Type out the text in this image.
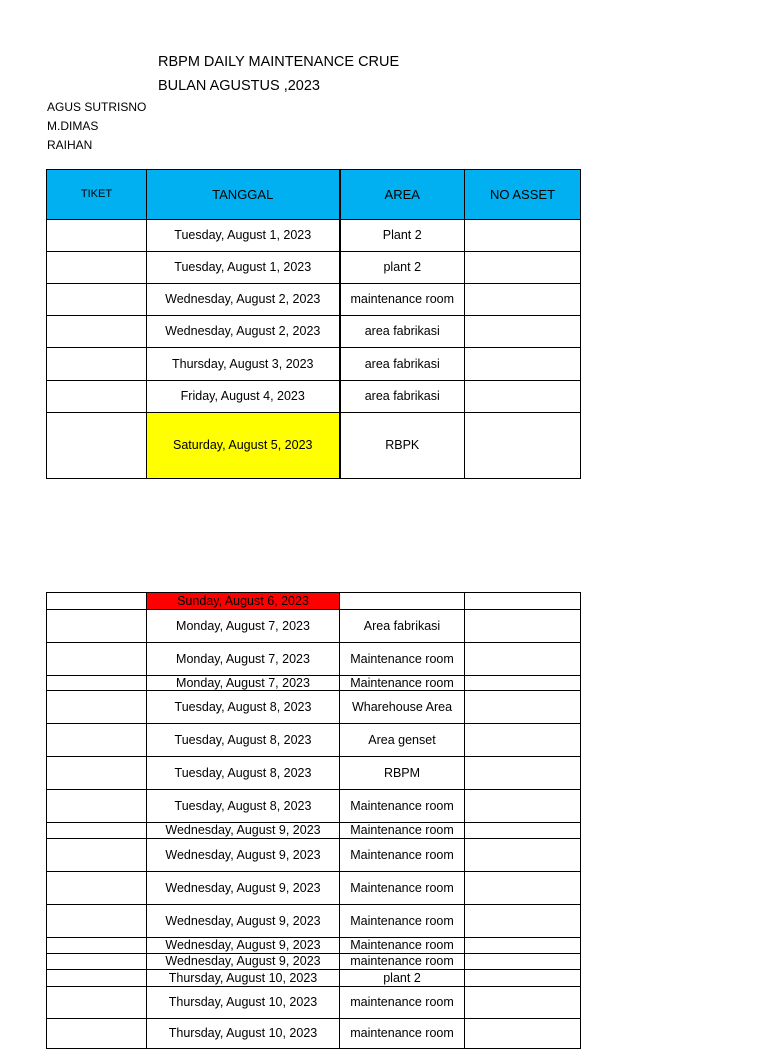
RBPM DAILY MAINTENANCE CRUE
BULAN AGUSTUS ,2023
AGUS SUTRISNO
M.DIMAS
RAIHAN
TIKET	TANGGAL	AREA	NO ASSET
	Tuesday, August 1, 2023	Plant 2	
	Tuesday, August 1, 2023	plant 2	
	Wednesday, August 2, 2023	maintenance room	
	Wednesday, August 2, 2023	area fabrikasi	
	Thursday, August 3, 2023	area fabrikasi	
	Friday, August 4, 2023	area fabrikasi	
	Saturday, August 5, 2023	RBPK	
	Sunday, August 6, 2023		
	Monday, August 7, 2023	Area fabrikasi	
	Monday, August 7, 2023	Maintenance room	
	Monday, August 7, 2023	Maintenance room	
	Tuesday, August 8, 2023	Wharehouse Area	
	Tuesday, August 8, 2023	Area genset	
	Tuesday, August 8, 2023	RBPM	
	Tuesday, August 8, 2023	Maintenance room	
	Wednesday, August 9, 2023	Maintenance room	
	Wednesday, August 9, 2023	Maintenance room	
	Wednesday, August 9, 2023	Maintenance room	
	Wednesday, August 9, 2023	Maintenance room	
	Wednesday, August 9, 2023	Maintenance room	
	Wednesday, August 9, 2023	maintenance room	
	Thursday, August 10, 2023	plant 2	
	Thursday, August 10, 2023	maintenance room	
	Thursday, August 10, 2023	maintenance room	
